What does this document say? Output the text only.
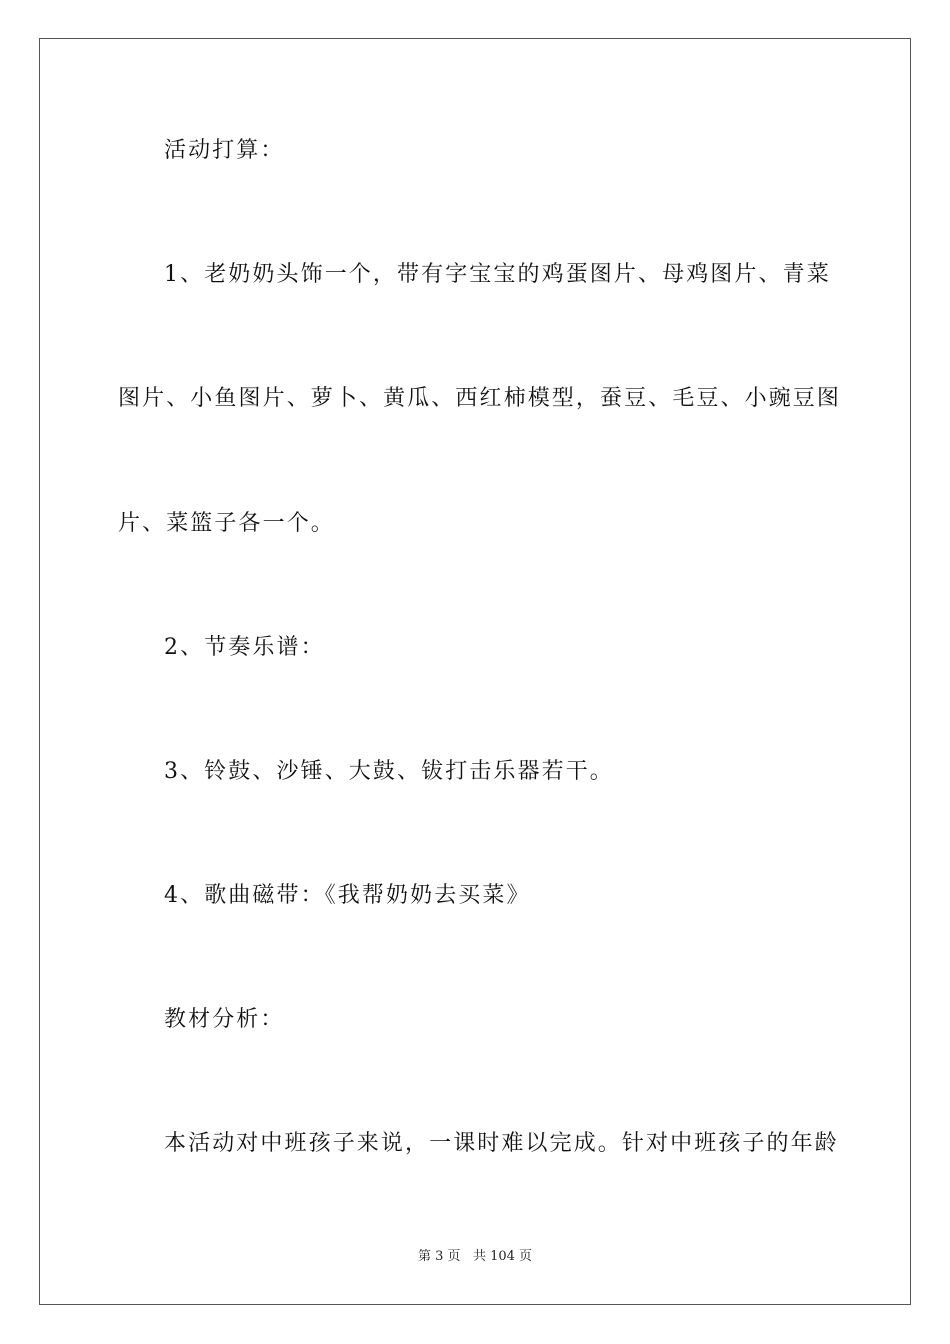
活动打算：
1、老奶奶头饰一个，带有字宝宝的鸡蛋图片、母鸡图片、青菜
图片、小鱼图片、萝卜、黄瓜、西红柿模型，蚕豆、毛豆、小豌豆图
片、菜篮子各一个。
2、节奏乐谱：
3、铃鼓、沙锤、大鼓、钹打击乐器若干。
4、歌曲磁带：《我帮奶奶去买菜》
教材分析：
本活动对中班孩子来说，一课时难以完成。针对中班孩子的年龄
第 3 页 共 104 页
